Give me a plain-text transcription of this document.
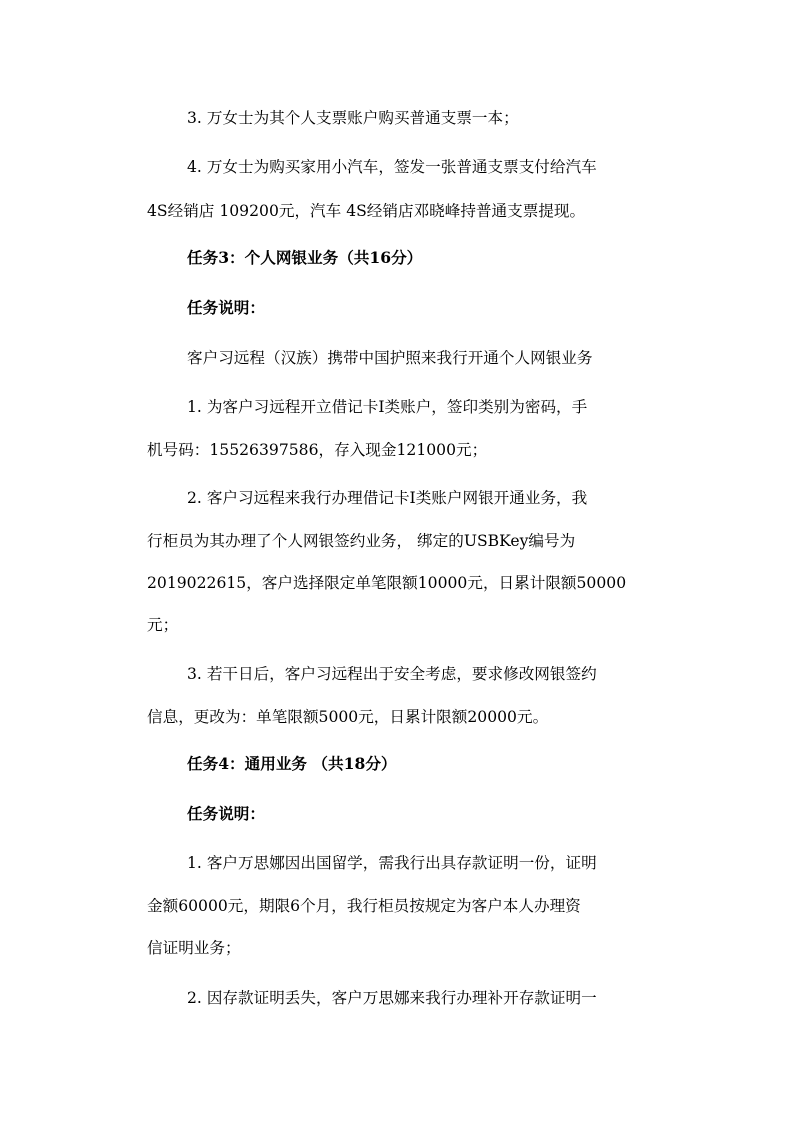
3. 万女士为其个人支票账户购买普通支票一本；
4. 万女士为购买家用小汽车，签发一张普通支票支付给汽车
4S经销店 109200元，汽车 4S经销店邓晓峰持普通支票提现。
任务3：个人网银业务（共16分）
任务说明：
客户习远程（汉族）携带中国护照来我行开通个人网银业务
1. 为客户习远程开立借记卡Ⅰ类账户，签印类别为密码，手
机号码：15526397586，存入现金121000元；
2. 客户习远程来我行办理借记卡Ⅰ类账户网银开通业务，我
行柜员为其办理了个人网银签约业务， 绑定的USBKey编号为
2019022615，客户选择限定单笔限额10000元，日累计限额50000
元；
3. 若干日后，客户习远程出于安全考虑，要求修改网银签约
信息，更改为：单笔限额5000元，日累计限额20000元。
任务4：通用业务 （共18分）
任务说明：
1. 客户万思娜因出国留学，需我行出具存款证明一份，证明
金额60000元，期限6个月，我行柜员按规定为客户本人办理资
信证明业务；
2. 因存款证明丢失，客户万思娜来我行办理补开存款证明一
